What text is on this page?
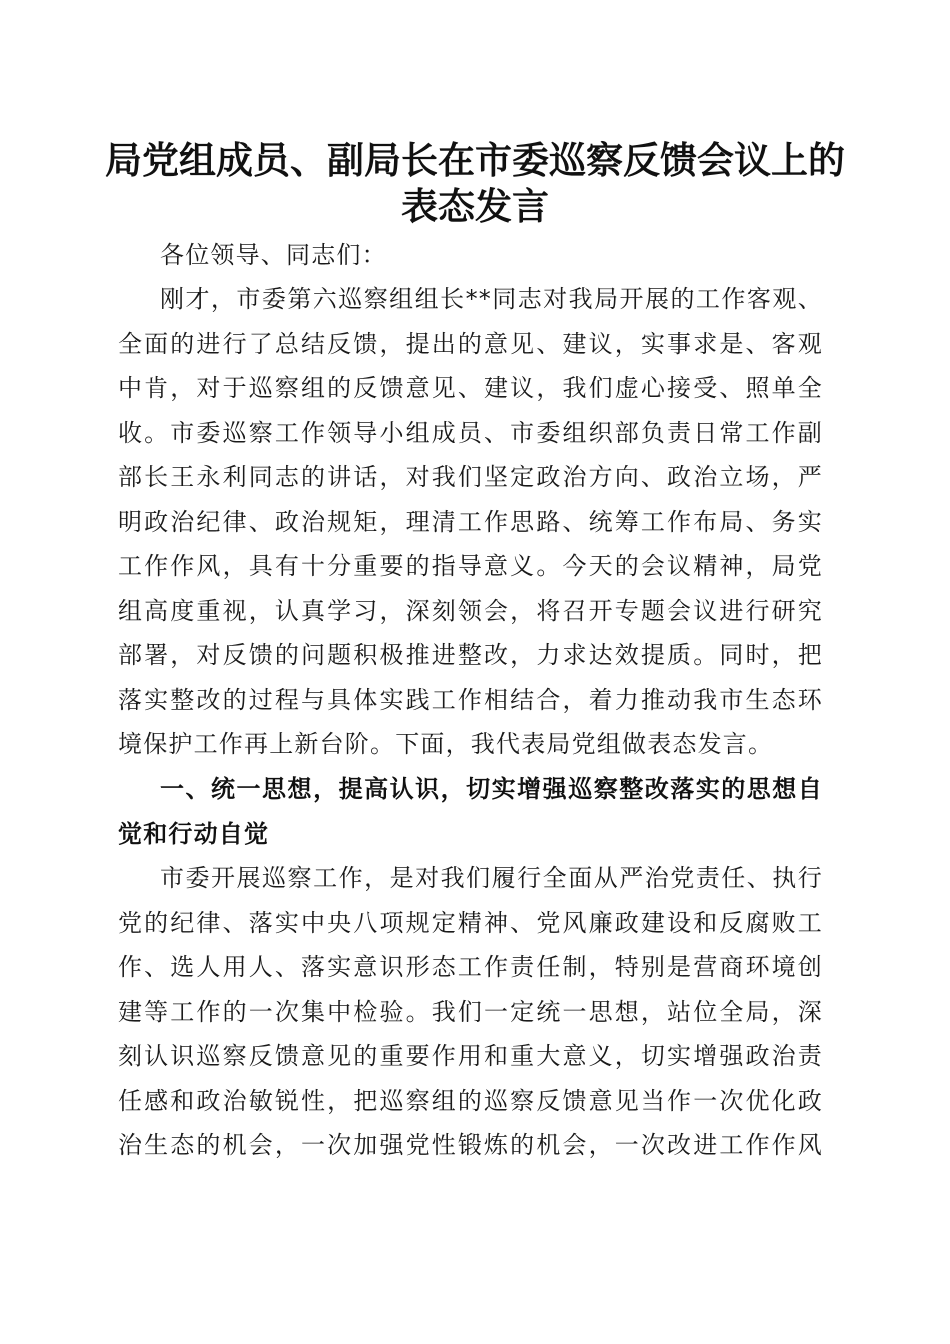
局党组成员、副局长在市委巡察反馈会议上的
表态发言

各位领导、同志们：

刚才，市委第六巡察组组长**同志对我局开展的工作客观、
全面的进行了总结反馈，提出的意见、建议，实事求是、客观
中肯，对于巡察组的反馈意见、建议，我们虚心接受、照单全
收。市委巡察工作领导小组成员、市委组织部负责日常工作副
部长王永利同志的讲话，对我们坚定政治方向、政治立场，严
明政治纪律、政治规矩，理清工作思路、统筹工作布局、务实
工作作风，具有十分重要的指导意义。今天的会议精神，局党
组高度重视，认真学习，深刻领会，将召开专题会议进行研究
部署，对反馈的问题积极推进整改，力求达效提质。同时，把
落实整改的过程与具体实践工作相结合，着力推动我市生态环
境保护工作再上新台阶。下面，我代表局党组做表态发言。
一、统一思想，提高认识，切实增强巡察整改落实的思想自
觉和行动自觉
市委开展巡察工作，是对我们履行全面从严治党责任、执行
党的纪律、落实中央八项规定精神、党风廉政建设和反腐败工
作、选人用人、落实意识形态工作责任制，特别是营商环境创
建等工作的一次集中检验。我们一定统一思想，站位全局，深
刻认识巡察反馈意见的重要作用和重大意义，切实增强政治责
任感和政治敏锐性，把巡察组的巡察反馈意见当作一次优化政
治生态的机会，一次加强党性锻炼的机会，一次改进工作作风
